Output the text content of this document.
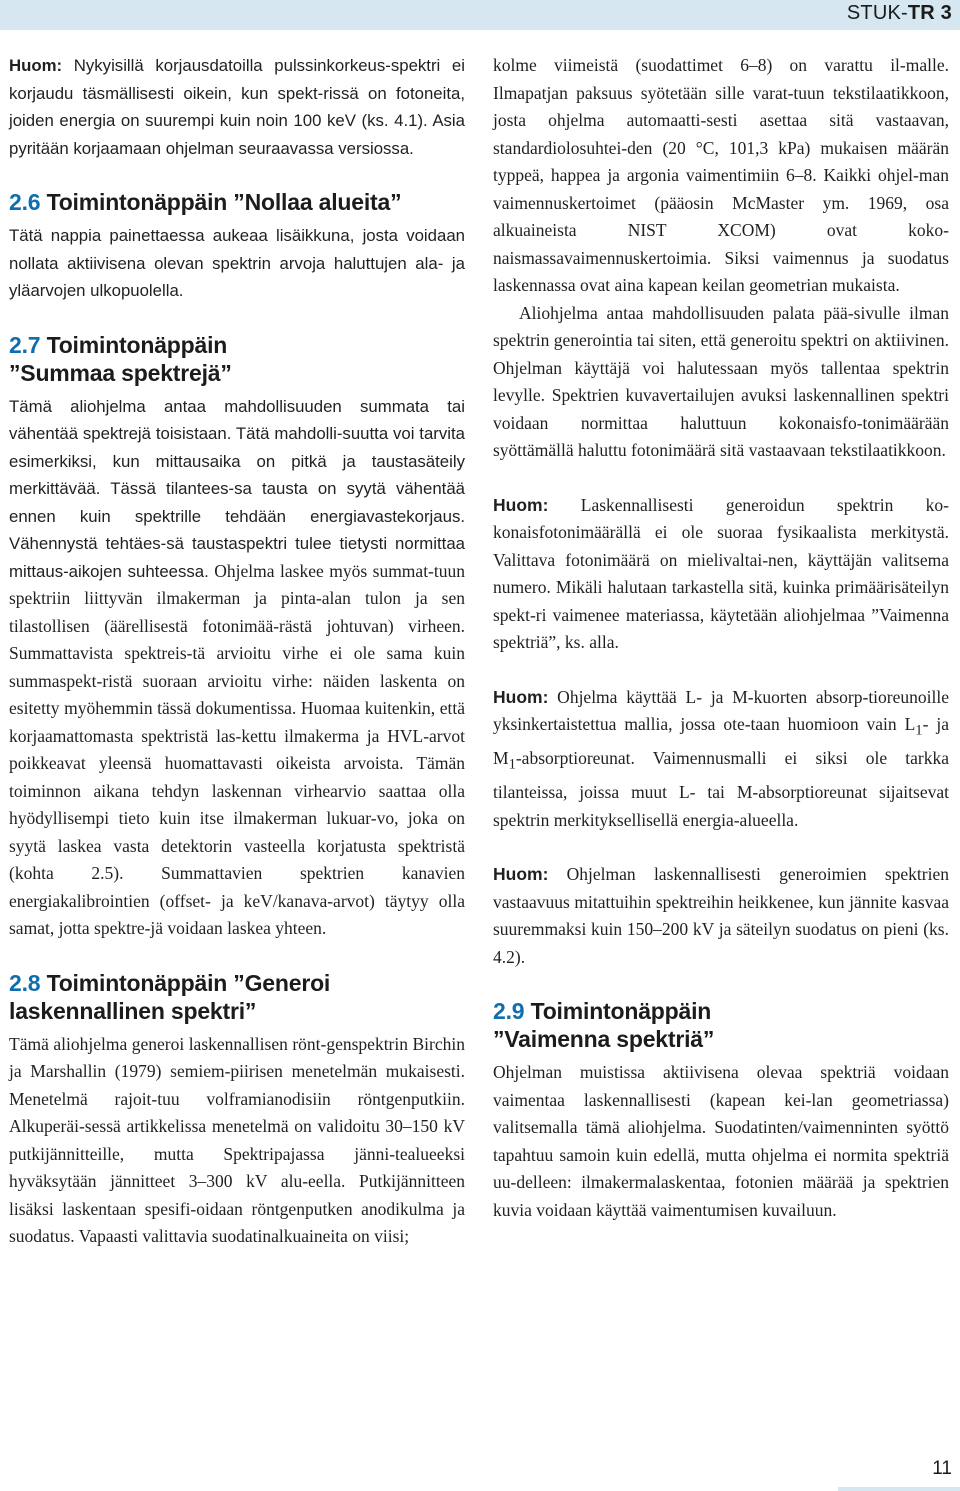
STUK-TR 3

Huom: Nykyisillä korjausdatoilla pulssinkorkeus-spektri ei korjaudu täsmällisesti oikein, kun spekt-rissä on fotoneita, joiden energia on suurempi kuin noin 100 keV (ks. 4.1). Asia pyritään korjaamaan ohjelman seuraavassa versiossa.

2.6 Toimintonäppäin ”Nollaa alueita”

Tätä nappia painettaessa aukeaa lisäikkuna, josta voidaan nollata aktiivisena olevan spektrin arvoja haluttujen ala- ja yläarvojen ulkopuolella.

2.7 Toimintonäppäin
”Summaa spektrejä”

Tämä aliohjelma antaa mahdollisuuden summata tai vähentää spektrejä toisistaan. Tätä mahdolli-suutta voi tarvita esimerkiksi, kun mittausaika on pitkä ja taustasäteily merkittävää. Tässä tilantees-sa tausta on syytä vähentää ennen kuin spektrille tehdään energiavastekorjaus. Vähennystä tehtäes-sä taustaspektri tulee tietysti normittaa mittaus-aikojen suhteessa. Ohjelma laskee myös summat-tuun spektriin liittyvän ilmakerman ja pinta-alan tulon ja sen tilastollisen (äärellisestä fotonimää-rästä johtuvan) virheen. Summattavista spektreis-tä arvioitu virhe ei ole sama kuin summaspekt-ristä suoraan arvioitu virhe: näiden laskenta on esitetty myöhemmin tässä dokumentissa. Huomaa kuitenkin, että korjaamattomasta spektristä las-kettu ilmakerma ja HVL-arvot poikkeavat yleensä huomattavasti oikeista arvoista. Tämän toiminnon aikana tehdyn laskennan virhearvio saattaa olla hyödyllisempi tieto kuin itse ilmakerman lukuar-vo, joka on syytä laskea vasta detektorin vasteella korjatusta spektristä (kohta 2.5). Summattavien spektrien kanavien energiakalibrointien (offset- ja keV/kanava-arvot) täytyy olla samat, jotta spektre-jä voidaan laskea yhteen.

2.8 Toimintonäppäin ”Generoi
laskennallinen spektri”

Tämä aliohjelma generoi laskennallisen rönt-genspektrin Birchin ja Marshallin (1979) semiem-piirisen menetelmän mukaisesti. Menetelmä rajoit-tuu volframianodisiin röntgenputkiin. Alkuperäi-sessä artikkelissa menetelmä on validoitu 30–150 kV putkijännitteille, mutta Spektripajassa jänni-tealueeksi hyväksytään jännitteet 3–300 kV alu-eella. Putkijännitteen lisäksi laskentaan spesifi-oidaan röntgenputken anodikulma ja suodatus. Vapaasti valittavia suodatinalkuaineita on viisi;

kolme viimeistä (suodattimet 6–8) on varattu il-malle. Ilmapatjan paksuus syötetään sille varat-tuun tekstilaatikkoon, josta ohjelma automaatti-sesti asettaa sitä vastaavan, standardiolosuhtei-den (20 °C, 101,3 kPa) mukaisen määrän typpeä, happea ja argonia vaimentimiin 6–8. Kaikki ohjel-man vaimennuskertoimet (pääosin McMaster ym. 1969, osa alkuaineista NIST XCOM) ovat koko-naismassavaimennuskertoimia. Siksi vaimennus ja suodatus laskennassa ovat aina kapean keilan geometrian mukaista.

Aliohjelma antaa mahdollisuuden palata pää-sivulle ilman spektrin generointia tai siten, että generoitu spektri on aktiivinen. Ohjelman käyttäjä voi halutessaan myös tallentaa spektrin levylle. Spektrien kuvavertailujen avuksi laskennallinen spektri voidaan normittaa haluttuun kokonaisfo-tonimäärään syöttämällä haluttu fotonimäärä sitä vastaavaan tekstilaatikkoon.

Huom: Laskennallisesti generoidun spektrin ko-konaisfotonimäärällä ei ole suoraa fysikaalista merkitystä. Valittava fotonimäärä on mielivaltai-nen, käyttäjän valitsema numero. Mikäli halutaan tarkastella sitä, kuinka primäärisäteilyn spekt-ri vaimenee materiassa, käytetään aliohjelmaa ”Vaimenna spektriä”, ks. alla.

Huom: Ohjelma käyttää L- ja M-kuorten absorp-tioreunoille yksinkertaistettua mallia, jossa ote-taan huomioon vain $L_1-$ ja $M_1$-absorptioreunat. Vaimennusmalli ei siksi ole tarkka tilanteissa, joissa muut L- tai M-absorptioreunat sijaitsevat spektrin merkityksellisellä energia-alueella.

Huom: Ohjelman laskennallisesti generoimien spektrien vastaavuus mitattuihin spektreihin heikkenee, kun jännite kasvaa suuremmaksi kuin 150–200 kV ja säteilyn suodatus on pieni (ks. 4.2).

2.9 Toimintonäppäin
”Vaimenna spektriä”

Ohjelman muistissa aktiivisena olevaa spektriä voidaan vaimentaa laskennallisesti (kapean kei-lan geometriassa) valitsemalla tämä aliohjelma. Suodatinten/vaimenninten syöttö tapahtuu samoin kuin edellä, mutta ohjelma ei normita spektriä uu-delleen: ilmakermalaskentaa, fotonien määrää ja spektrien kuvia voidaan käyttää vaimentumisen kuvailuun.

11
